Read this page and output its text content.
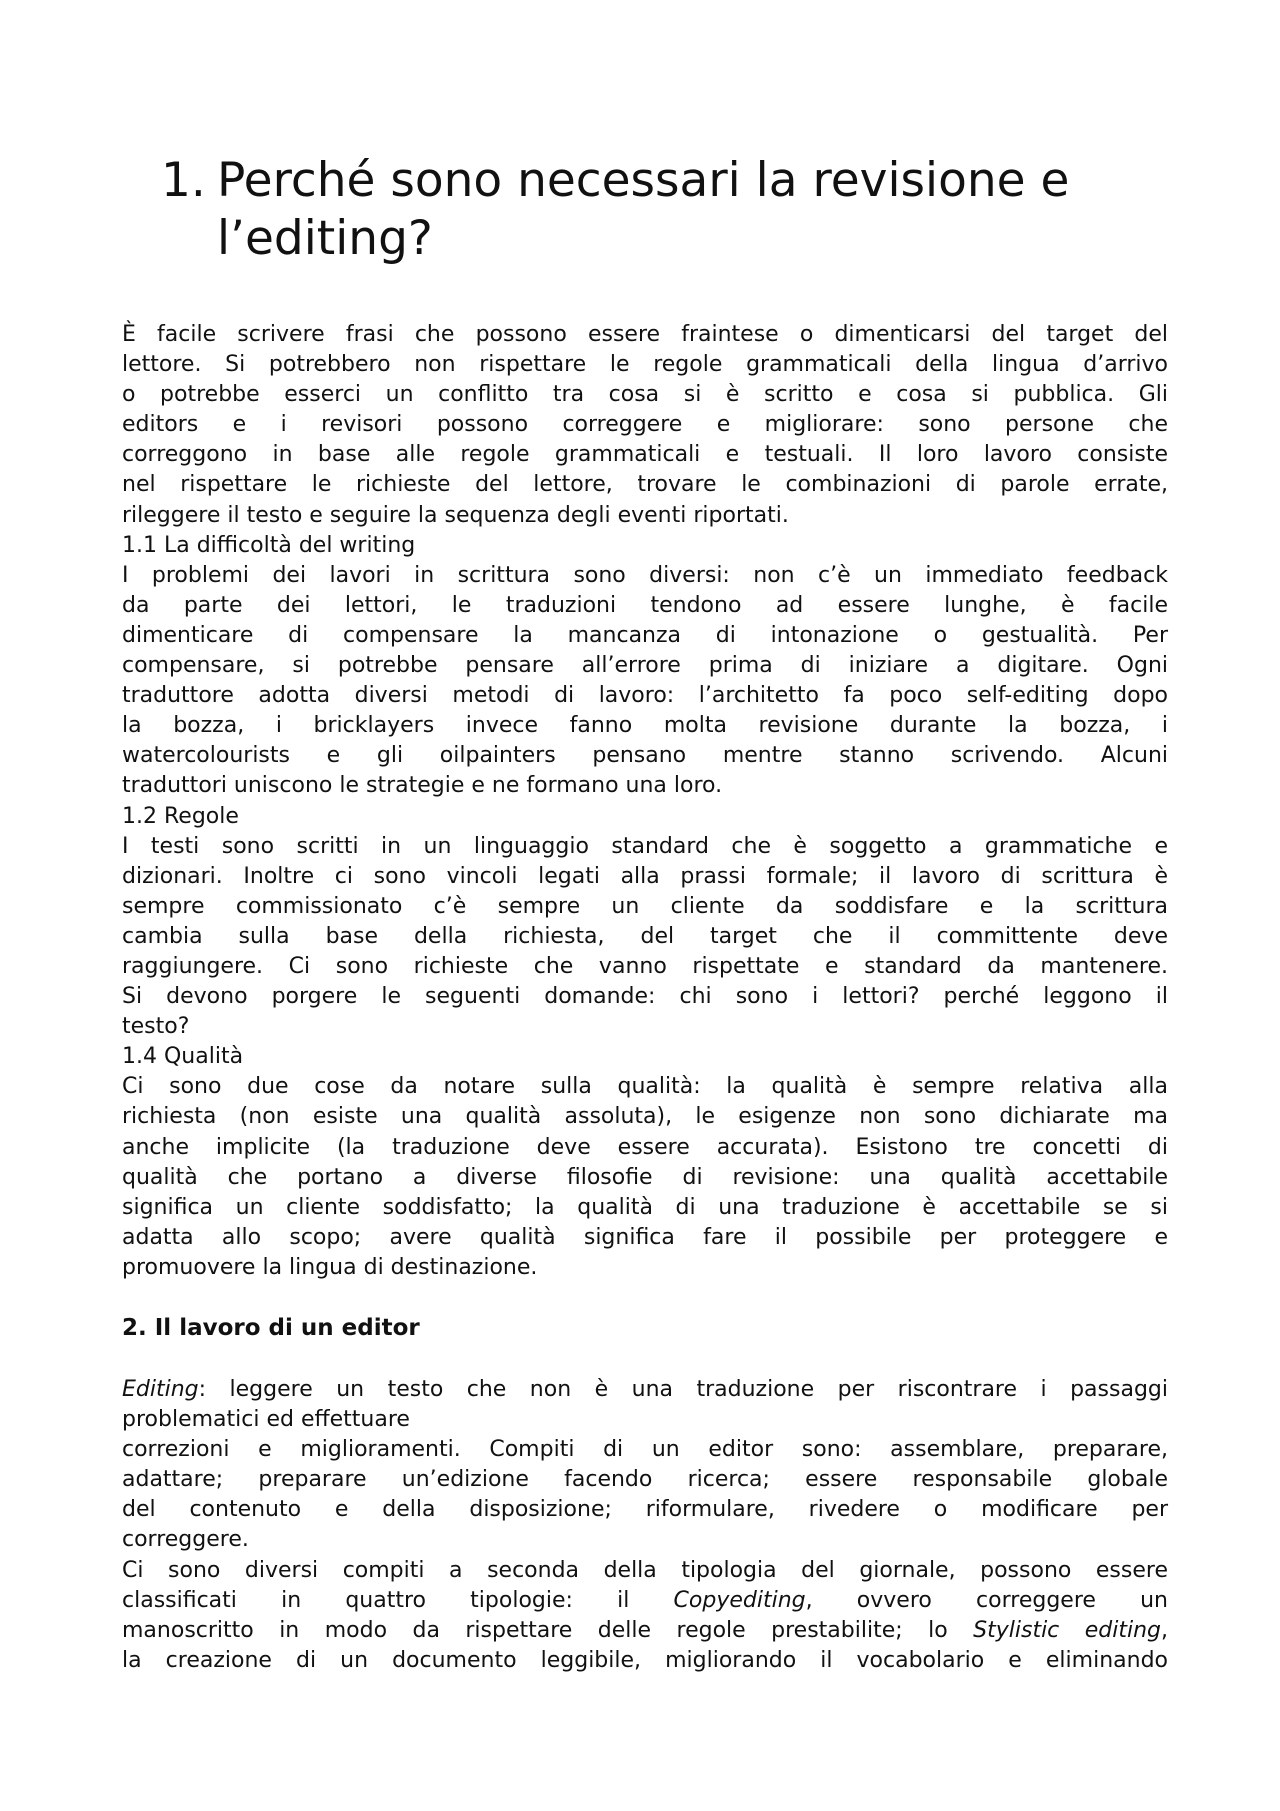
1. Perché sono necessari la revisione e
l’editing?
È facile scrivere frasi che possono essere fraintese o dimenticarsi del target del
lettore. Si potrebbero non rispettare le regole grammaticali della lingua d’arrivo
o potrebbe esserci un conflitto tra cosa si è scritto e cosa si pubblica. Gli
editors e i revisori possono correggere e migliorare: sono persone che
correggono in base alle regole grammaticali e testuali. Il loro lavoro consiste
nel rispettare le richieste del lettore, trovare le combinazioni di parole errate,
rileggere il testo e seguire la sequenza degli eventi riportati.
1.1 La difficoltà del writing
I problemi dei lavori in scrittura sono diversi: non c’è un immediato feedback
da parte dei lettori, le traduzioni tendono ad essere lunghe, è facile
dimenticare di compensare la mancanza di intonazione o gestualità. Per
compensare, si potrebbe pensare all’errore prima di iniziare a digitare. Ogni
traduttore adotta diversi metodi di lavoro: l’architetto fa poco self-editing dopo
la bozza, i bricklayers invece fanno molta revisione durante la bozza, i
watercolourists e gli oilpainters pensano mentre stanno scrivendo. Alcuni
traduttori uniscono le strategie e ne formano una loro.
1.2 Regole
I testi sono scritti in un linguaggio standard che è soggetto a grammatiche e
dizionari. Inoltre ci sono vincoli legati alla prassi formale; il lavoro di scrittura è
sempre commissionato c’è sempre un cliente da soddisfare e la scrittura
cambia sulla base della richiesta, del target che il committente deve
raggiungere. Ci sono richieste che vanno rispettate e standard da mantenere.
Si devono porgere le seguenti domande: chi sono i lettori? perché leggono il
testo?
1.4 Qualità
Ci sono due cose da notare sulla qualità: la qualità è sempre relativa alla
richiesta (non esiste una qualità assoluta), le esigenze non sono dichiarate ma
anche implicite (la traduzione deve essere accurata). Esistono tre concetti di
qualità che portano a diverse filosofie di revisione: una qualità accettabile
significa un cliente soddisfatto; la qualità di una traduzione è accettabile se si
adatta allo scopo; avere qualità significa fare il possibile per proteggere e
promuovere la lingua di destinazione.
2. Il lavoro di un editor
Editing: leggere un testo che non è una traduzione per riscontrare i passaggi
problematici ed effettuare
correzioni e miglioramenti. Compiti di un editor sono: assemblare, preparare,
adattare; preparare un’edizione facendo ricerca; essere responsabile globale
del contenuto e della disposizione; riformulare, rivedere o modificare per
correggere.
Ci sono diversi compiti a seconda della tipologia del giornale, possono essere
classificati in quattro tipologie: il Copyediting, ovvero correggere un
manoscritto in modo da rispettare delle regole prestabilite; lo Stylistic editing,
la creazione di un documento leggibile, migliorando il vocabolario e eliminando
